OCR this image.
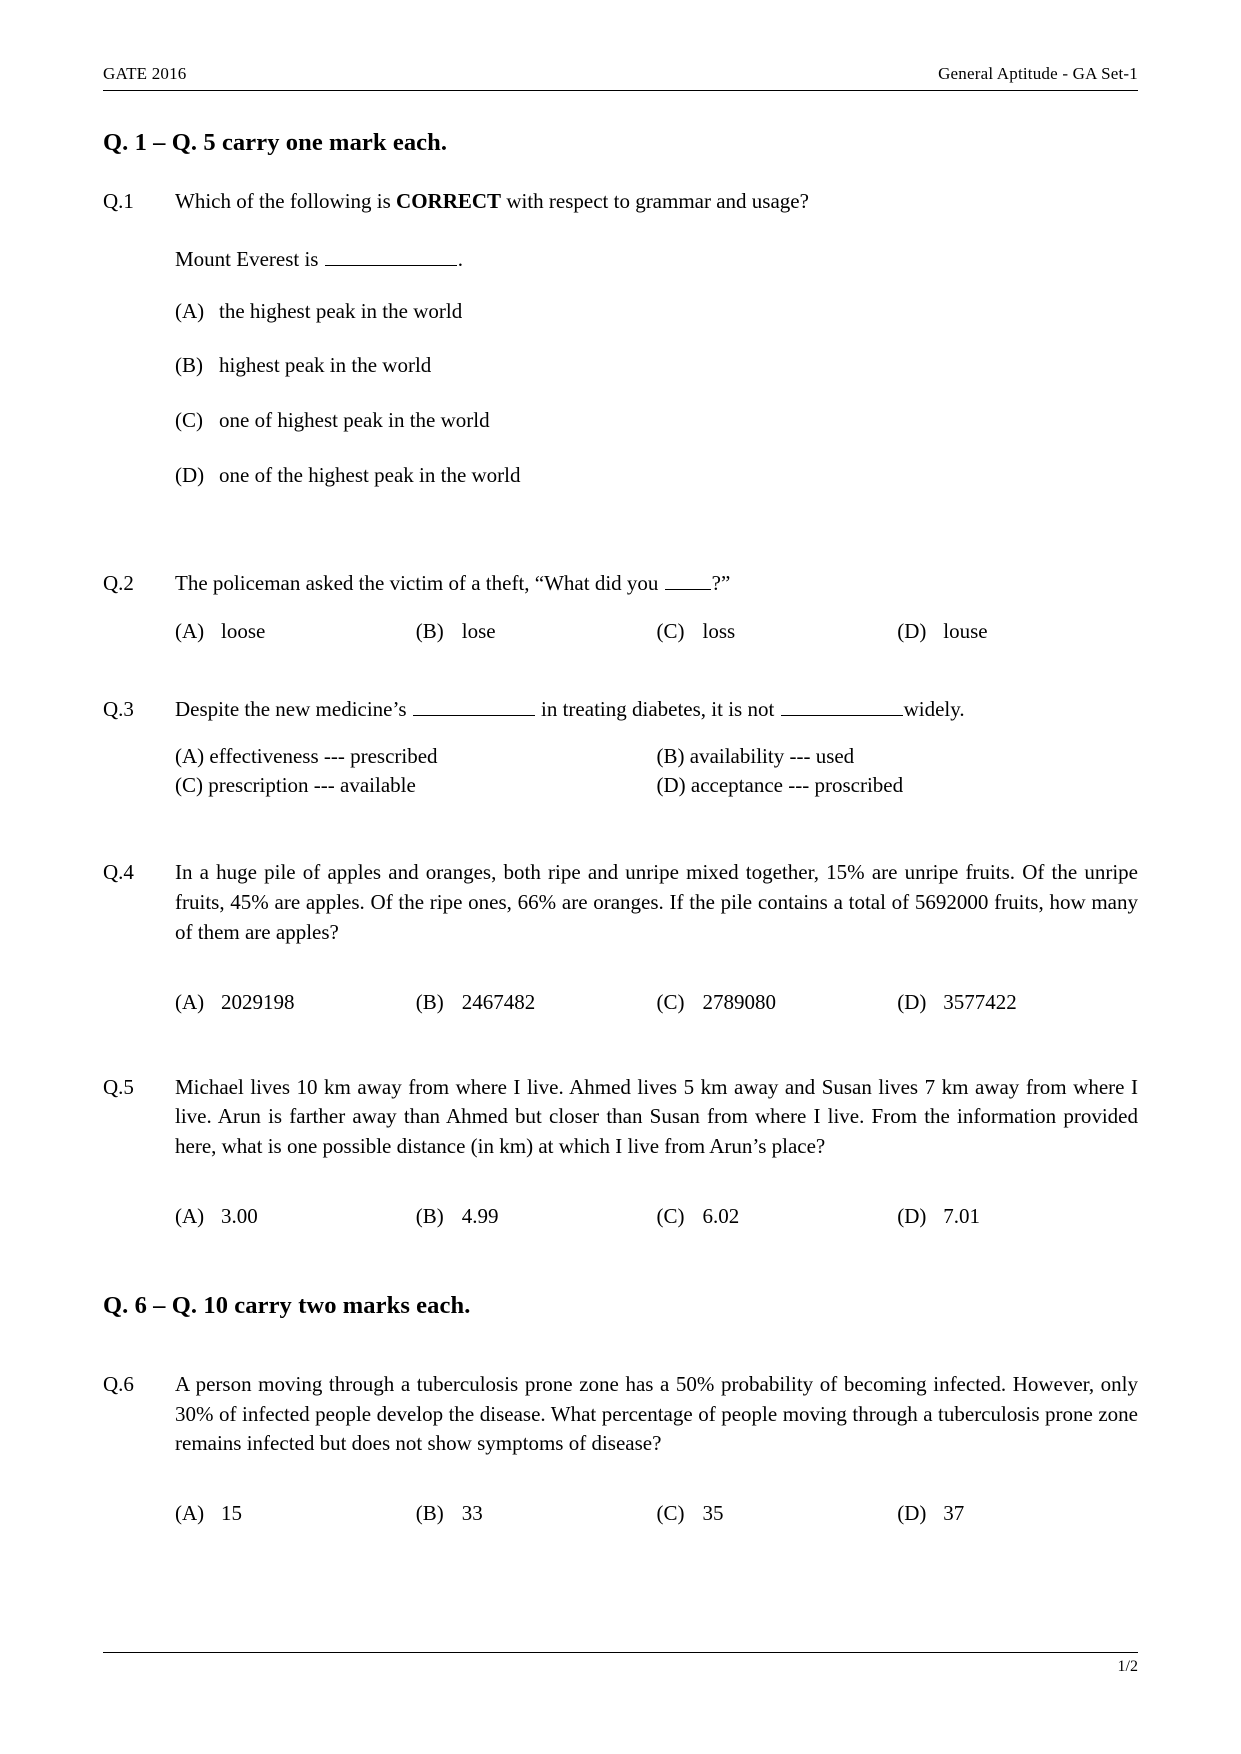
GATE 2016	General Aptitude - GA Set-1
Q. 1 – Q. 5 carry one mark each.
Q.1	Which of the following is CORRECT with respect to grammar and usage?
Mount Everest is	.
(A) the highest peak in the world
(B) highest peak in the world
(C) one of highest peak in the world
(D) one of the highest peak in the world
Q.2	The policeman asked the victim of a theft, “What did you ?”
(A) loose	(B) lose	(C) loss	(D) louse
Q.3	Despite the new medicine’s	in treating diabetes, it is not	widely.
(A) effectiveness --- prescribed	(B) availability --- used
(C) prescription --- available	(D) acceptance --- proscribed
Q.4	In a huge pile of apples and oranges, both ripe and unripe mixed together, 15% are unripe fruits. Of the unripe fruits, 45% are apples. Of the ripe ones, 66% are oranges. If the pile contains a total of 5692000 fruits, how many of them are apples?
(A) 2029198	(B) 2467482	(C) 2789080	(D) 3577422
Q.5	Michael lives 10 km away from where I live. Ahmed lives 5 km away and Susan lives 7 km away from where I live. Arun is farther away than Ahmed but closer than Susan from where I live. From the information provided here, what is one possible distance (in km) at which I live from Arun’s place?
(A) 3.00	(B) 4.99	(C) 6.02	(D) 7.01
Q. 6 – Q. 10 carry two marks each.
Q.6	A person moving through a tuberculosis prone zone has a 50% probability of becoming infected. However, only 30% of infected people develop the disease. What percentage of people moving through a tuberculosis prone zone remains infected but does not show symptoms of disease?
(A) 15	(B) 33	(C) 35	(D) 37
1/2
